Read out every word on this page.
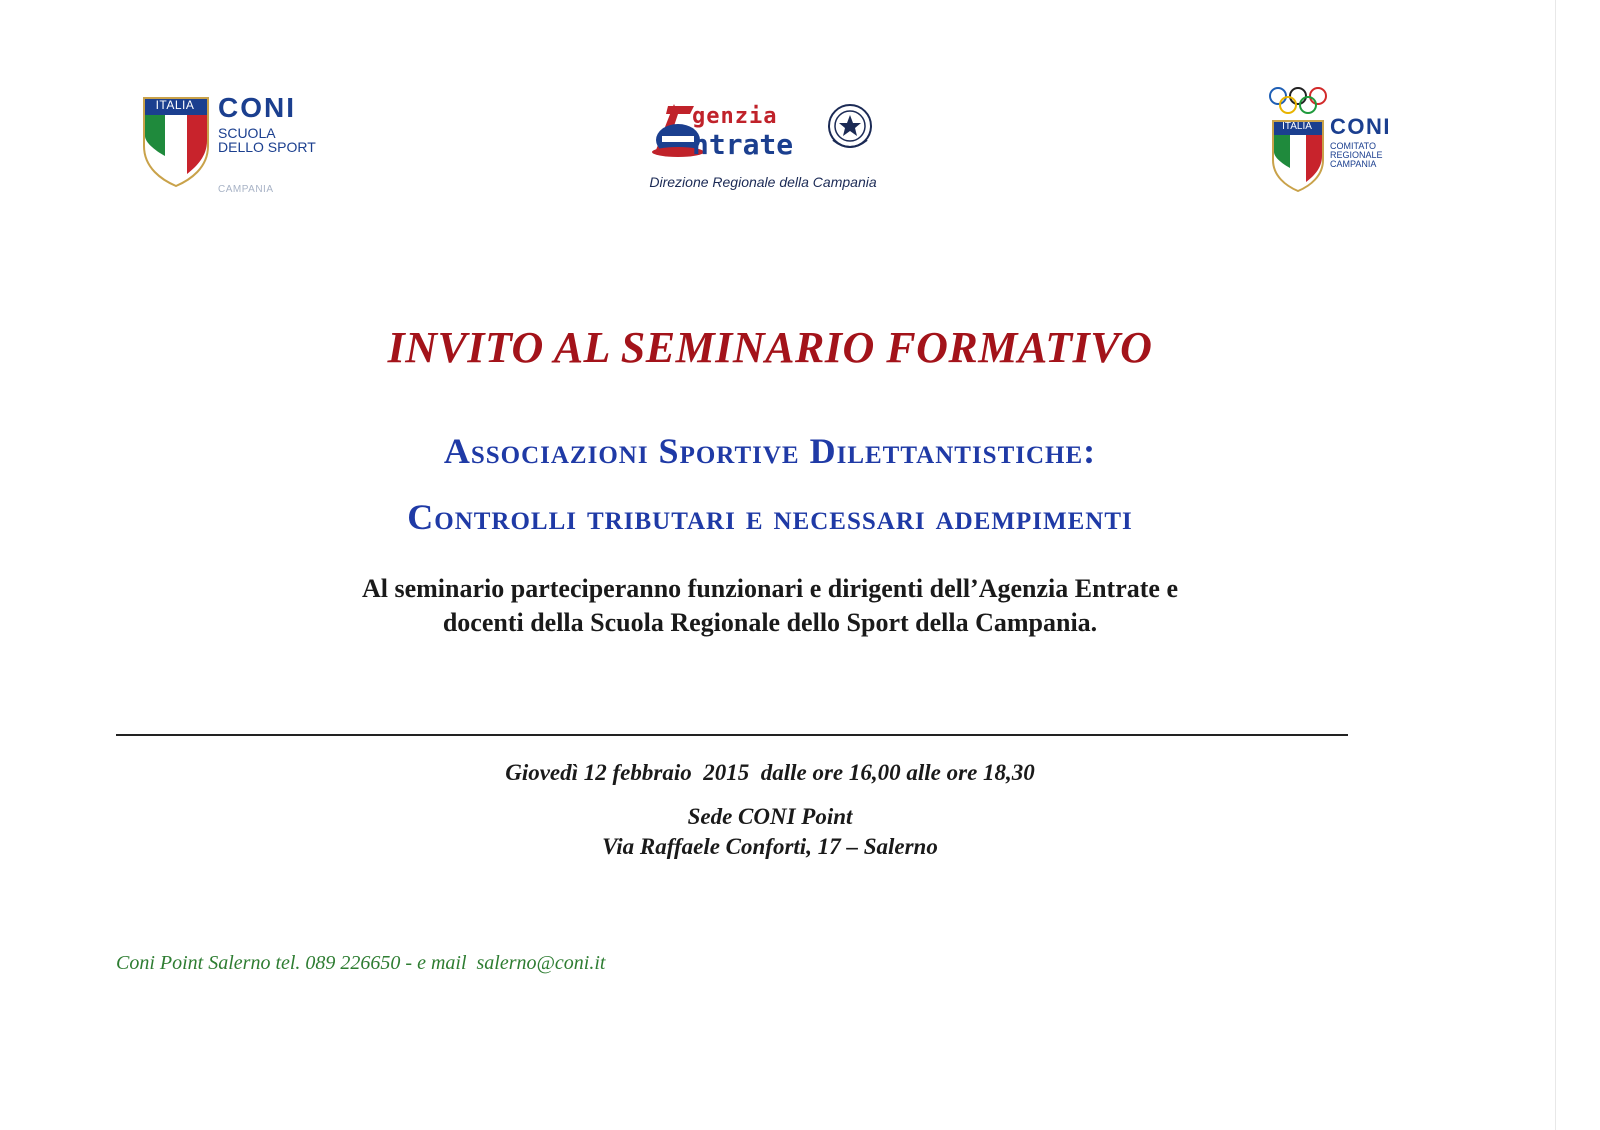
ITALIA CONI
SCUOLA
DELLO SPORT
CAMPANIA
genzia
ntrate
Direzione Regionale della Campania
ITALIA CONI
COMITATO
REGIONALE
CAMPANIA
INVITO AL SEMINARIO FORMATIVO
Associazioni Sportive Dilettantistiche:
Controlli tributari e necessari adempimenti
Al seminario parteciperanno funzionari e dirigenti dell’Agenzia Entrate e
docenti della Scuola Regionale dello Sport della Campania.
Giovedì 12 febbraio  2015  dalle ore 16,00 alle ore 18,30
Sede CONI Point
Via Raffaele Conforti, 17 – Salerno
Coni Point Salerno tel. 089 226650 - e mail  salerno@coni.it
